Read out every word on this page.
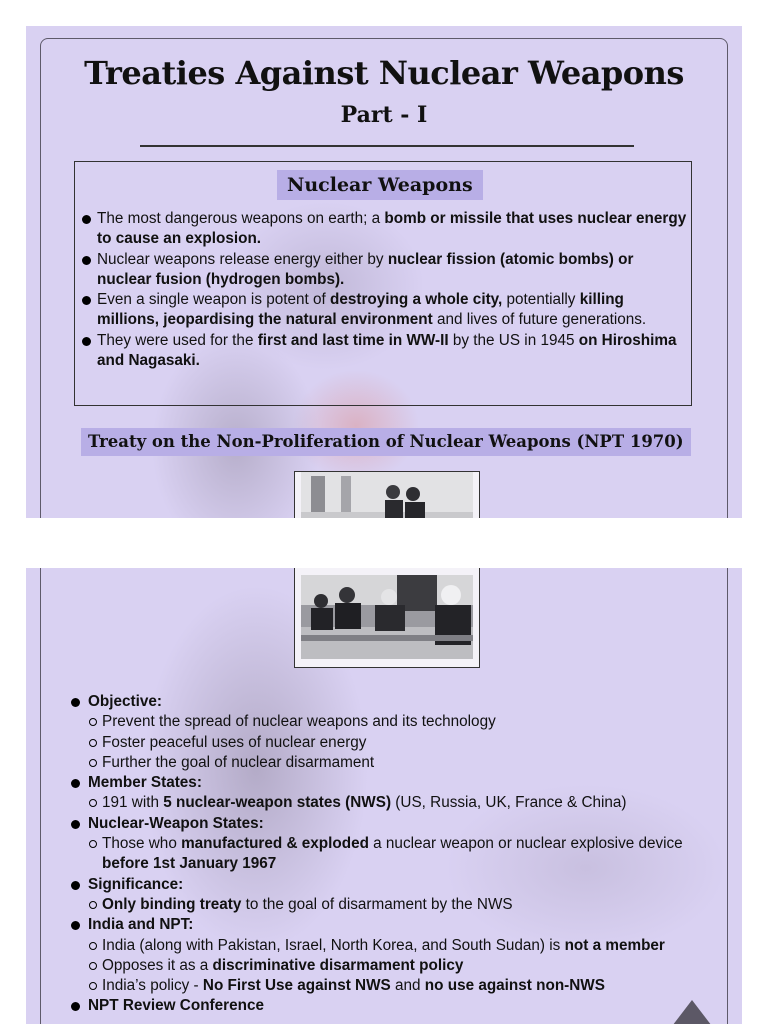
Treaties Against Nuclear Weapons
Part - I
Nuclear Weapons
The most dangerous weapons on earth; a bomb or missile that uses nuclear energy to cause an explosion.
Nuclear weapons release energy either by nuclear fission (atomic bombs) or nuclear fusion (hydrogen bombs).
Even a single weapon is potent of destroying a whole city, potentially killing millions, jeopardising the natural environment and lives of future generations.
They were used for the first and last time in WW-II by the US in 1945 on Hiroshima and Nagasaki.
Treaty on the Non-Proliferation of Nuclear Weapons (NPT 1970)
Objective:
Prevent the spread of nuclear weapons and its technology
Foster peaceful uses of nuclear energy
Further the goal of nuclear disarmament
Member States:
191 with 5 nuclear-weapon states (NWS) (US, Russia, UK, France & China)
Nuclear-Weapon States:
Those who manufactured & exploded a nuclear weapon or nuclear explosive device before 1st January 1967
Significance:
Only binding treaty to the goal of disarmament by the NWS
India and NPT:
India (along with Pakistan, Israel, North Korea, and South Sudan) is not a member
Opposes it as a discriminative disarmament policy
India’s policy - No First Use against NWS and no use against non-NWS
NPT Review Conference
